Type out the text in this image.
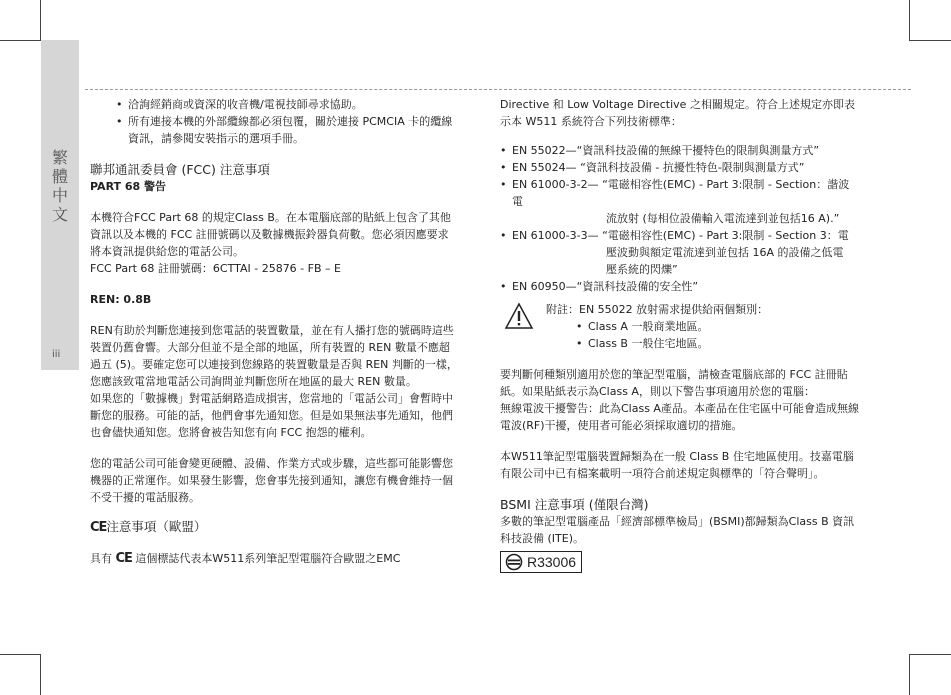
繁
體
中
文
iii

• 洽詢經銷商或資深的收音機/電視技師尋求協助。

• 所有連接本機的外部纜線都必須包覆，關於連接 PCMCIA 卡的纜線資訊，請參閱安裝指示的選項手冊。

聯邦通訊委員會 (FCC) 注意事項

PART 68 警告

本機符合FCC Part 68 的規定Class B。在本電腦底部的貼紙上包含了其他資訊以及本機的 FCC 註冊號碼以及數據機振鈴器負荷數。您必須因應要求將本資訊提供給您的電話公司。

FCC Part 68 註冊號碼：6CTTAI - 25876 - FB – E

REN: 0.8B

REN有助於判斷您連接到您電話的裝置數量，並在有人播打您的號碼時這些裝置仍舊會響。大部分但並不是全部的地區，所有裝置的 REN 數量不應超過五 (5)。要確定您可以連接到您線路的裝置數量是否與 REN 判斷的一樣，您應該致電當地電話公司詢問並判斷您所在地區的最大 REN 數量。

如果您的「數據機」對電話網路造成損害，您當地的「電話公司」會暫時中斷您的服務。可能的話，他們會事先通知您。但是如果無法事先通知，他們也會儘快通知您。您將會被告知您有向 FCC 抱怨的權利。

您的電話公司可能會變更硬體、設備、作業方式或步驟，這些都可能影響您機器的正常運作。如果發生影響，您會事先接到通知，讓您有機會維持一個不受干擾的電話服務。

CE注意事項（歐盟）

具有 CE 這個標誌代表本W511系列筆記型電腦符合歐盟之EMC

Directive 和 Low Voltage Directive 之相關規定。符合上述規定亦即表示本 W511 系統符合下列技術標準：

• EN 55022—“資訊科技設備的無線干擾特色的限制與測量方式”

• EN 55024— “資訊科技設備 - 抗擾性特色-限制與測量方式”

• EN 61000-3-2— “電磁相容性(EMC) - Part 3:限制 - Section：諧波電

流放射 (每相位設備輸入電流達到並包括16 A).”

• EN 61000-3-3— “電磁相容性(EMC) - Part 3:限制 - Section 3：電

壓波動與額定電流達到並包括 16A 的設備之低電

壓系統的閃爍”

• EN 60950—“資訊科技設備的安全性”

附註：EN 55022 放射需求提供給兩個類別：

• Class A 一般商業地區。

• Class B 一般住宅地區。

要判斷何種類別適用於您的筆記型電腦，請檢查電腦底部的 FCC 註冊貼紙。如果貼紙表示為Class A，則以下警告事項適用於您的電腦：

無線電波干擾警告：此為Class A產品。本產品在住宅區中可能會造成無線電波(RF)干擾，使用者可能必須採取適切的措施。

本W511筆記型電腦裝置歸類為在一般 Class B 住宅地區使用。技嘉電腦有限公司中已有檔案載明一項符合前述規定與標準的「符合聲明」。

BSMI 注意事項 (僅限台灣)

多數的筆記型電腦產品「經濟部標準檢局」(BSMI)都歸類為Class B 資訊科技設備 (ITE)。

R33006
